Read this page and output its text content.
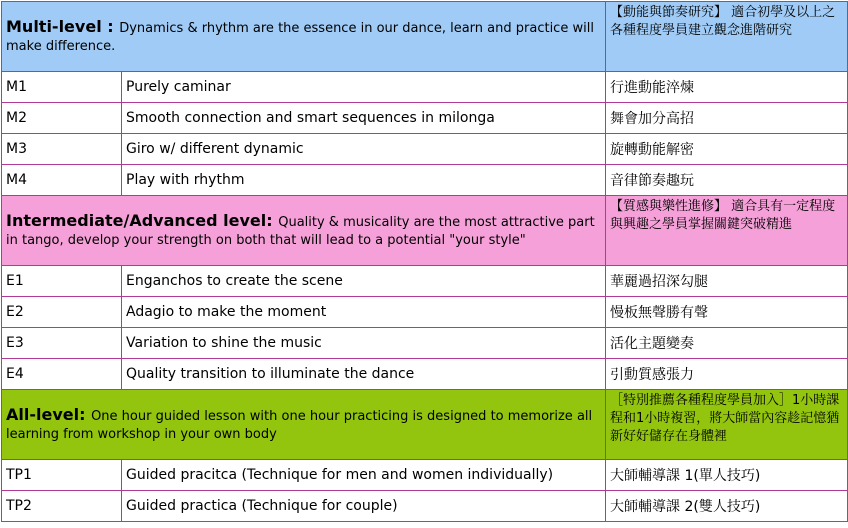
Multi-level : Dynamics & rhythm are the essence in our dance, learn and practice will make difference.		【動能與節奏研究】 適合初學及以上之各種程度學員建立觀念進階研究
M1	Purely caminar	行進動能淬煉
M2	Smooth connection and smart sequences in milonga	舞會加分高招
M3	Giro w/ different dynamic	旋轉動能解密
M4	Play with rhythm	音律節奏趣玩
Intermediate/Advanced level: Quality & musicality are the most attractive part in tango, develop your strength on both that will lead to a potential "your style"		【質感與樂性進修】 適合具有一定程度與興趣之學員掌握關鍵突破精進
E1	Enganchos to create the scene	華麗過招深勾腿
E2	Adagio to make the moment	慢板無聲勝有聲
E3	Variation to shine the music	活化主題變奏
E4	Quality transition to illuminate the dance	引動質感張力
All-level: One hour guided lesson with one hour practicing is designed to memorize all learning from workshop in your own body		［特別推薦各種程度學員加入］1小時課程和1小時複習，將大師當內容趁記憶猶新好好儲存在身體裡
TP1	Guided pracitca (Technique for men and women individually)	大師輔導課 1(單人技巧)
TP2	Guided practica (Technique for couple)	大師輔導課 2(雙人技巧)
